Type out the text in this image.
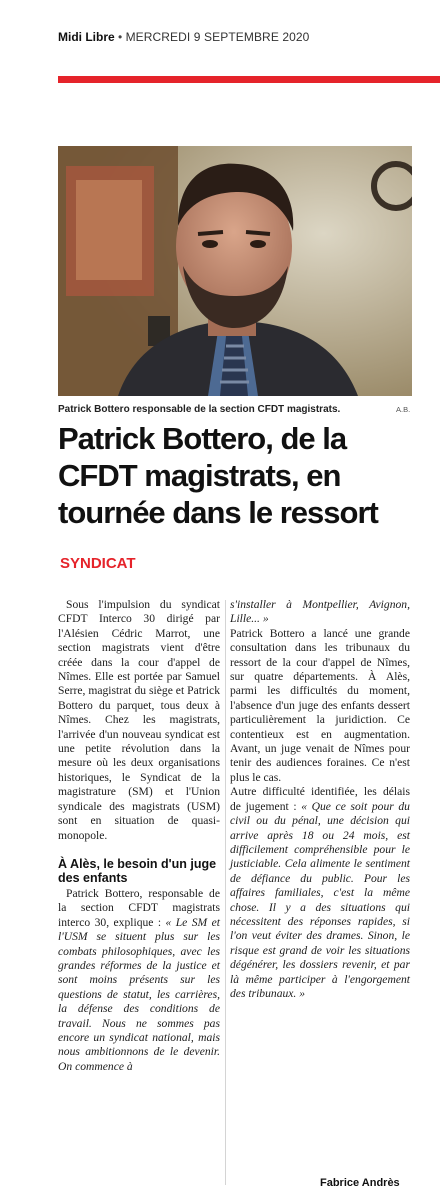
Midi Libre • MERCREDI 9 SEPTEMBRE 2020
Patrick Bottero responsable de la section CFDT magistrats.	A.B.
Patrick Bottero, de la CFDT magistrats, en tournée dans le ressort
SYNDICAT

Sous l'impulsion du syndicat CFDT Interco 30 dirigé par l'Alésien Cédric Marrot, une section magistrats vient d'être créée dans la cour d'appel de Nîmes. Elle est portée par Samuel Serre, magistrat du siège et Patrick Bottero du parquet, tous deux à Nîmes. Chez les magistrats, l'arrivée d'un nouveau syndicat est une petite révolution dans la mesure où les deux organisations historiques, le Syndicat de la magistrature (SM) et l'Union syndicale des magistrats (USM) sont en situation de quasi-monopole.

À Alès, le besoin d'un juge des enfants

Patrick Bottero, responsable de la section CFDT magistrats interco 30, explique : « Le SM et l'USM se situent plus sur les combats philosophiques, avec les grandes réformes de la justice et sont moins présents sur les questions de statut, les carrières, la défense des conditions de travail. Nous ne sommes pas encore un syndicat national, mais nous ambitionnons de le devenir. On commence à

s'installer à Montpellier, Avignon, Lille... »

Patrick Bottero a lancé une grande consultation dans les tribunaux du ressort de la cour d'appel de Nîmes, sur quatre départements. À Alès, parmi les difficultés du moment, l'absence d'un juge des enfants dessert particulièrement la juridiction. Ce contentieux est en augmentation. Avant, un juge venait de Nîmes pour tenir des audiences foraines. Ce n'est plus le cas.

Autre difficulté identifiée, les délais de jugement : « Que ce soit pour du civil ou du pénal, une décision qui arrive après 18 ou 24 mois, est difficilement compréhensible pour le justiciable. Cela alimente le sentiment de défiance du public. Pour les affaires familiales, c'est la même chose. Il y a des situations qui nécessitent des réponses rapides, si l'on veut éviter des drames. Sinon, le risque est grand de voir les situations dégénérer, les dossiers revenir, et par là même participer à l'engorgement des tribunaux. »

Fabrice Andrès
